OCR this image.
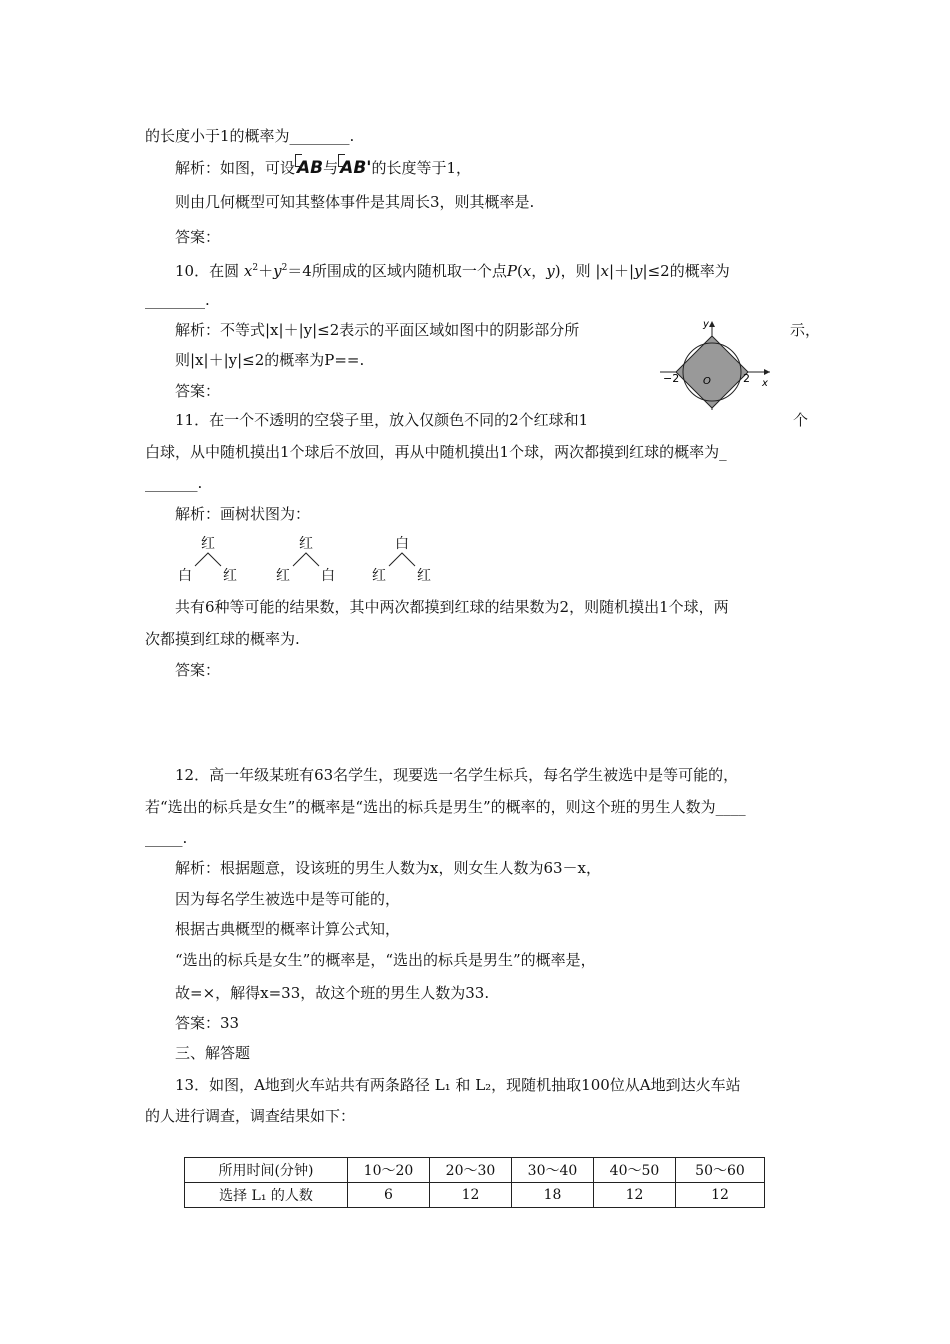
的长度小于1的概率为________.
解析：如图，可设 AB与 AB'的长度等于1，
则由几何概型可知其整体事件是其周长3，则其概率是.
答案：
10．在圆 $x^2+y^2=4$所围成的区域内随机取一个点P(x，y)，则 |x|＋|y|≤2的概率为
________.
解析：不等式|x|＋|y|≤2表示的平面区域如图中的阴影部分所	示，
则|x|＋|y|≤2的概率为P==.
答案：
y
x
O
−2	2
11．在一个不透明的空袋子里，放入仅颜色不同的2个红球和1	个
白球，从中随机摸出1个球后不放回，再从中随机摸出1个球，两次都摸到红球的概率为_
_______.
解析：画树状图为：
红
白 红
红
红 白
白
红 红
共有6种等可能的结果数，其中两次都摸到红球的结果数为2，则随机摸出1个球，两
次都摸到红球的概率为.
答案：
12．高一年级某班有63名学生，现要选一名学生标兵，每名学生被选中是等可能的，
若“选出的标兵是女生”的概率是“选出的标兵是男生”的概率的，则这个班的男生人数为____
_____.
解析：根据题意，设该班的男生人数为x，则女生人数为63－x，
因为每名学生被选中是等可能的，
根据古典概型的概率计算公式知，
“选出的标兵是女生”的概率是，“选出的标兵是男生”的概率是，
故=×，解得x=33，故这个班的男生人数为33.
答案：33
三、解答题
13．如图，A地到火车站共有两条路径 L₁ 和 L₂，现随机抽取100位从A地到达火车站
的人进行调查，调查结果如下：
所用时间(分钟)	10～20	20～30	30～40	40～50	50～60
选择 L₁ 的人数	6	12	18	12	12
